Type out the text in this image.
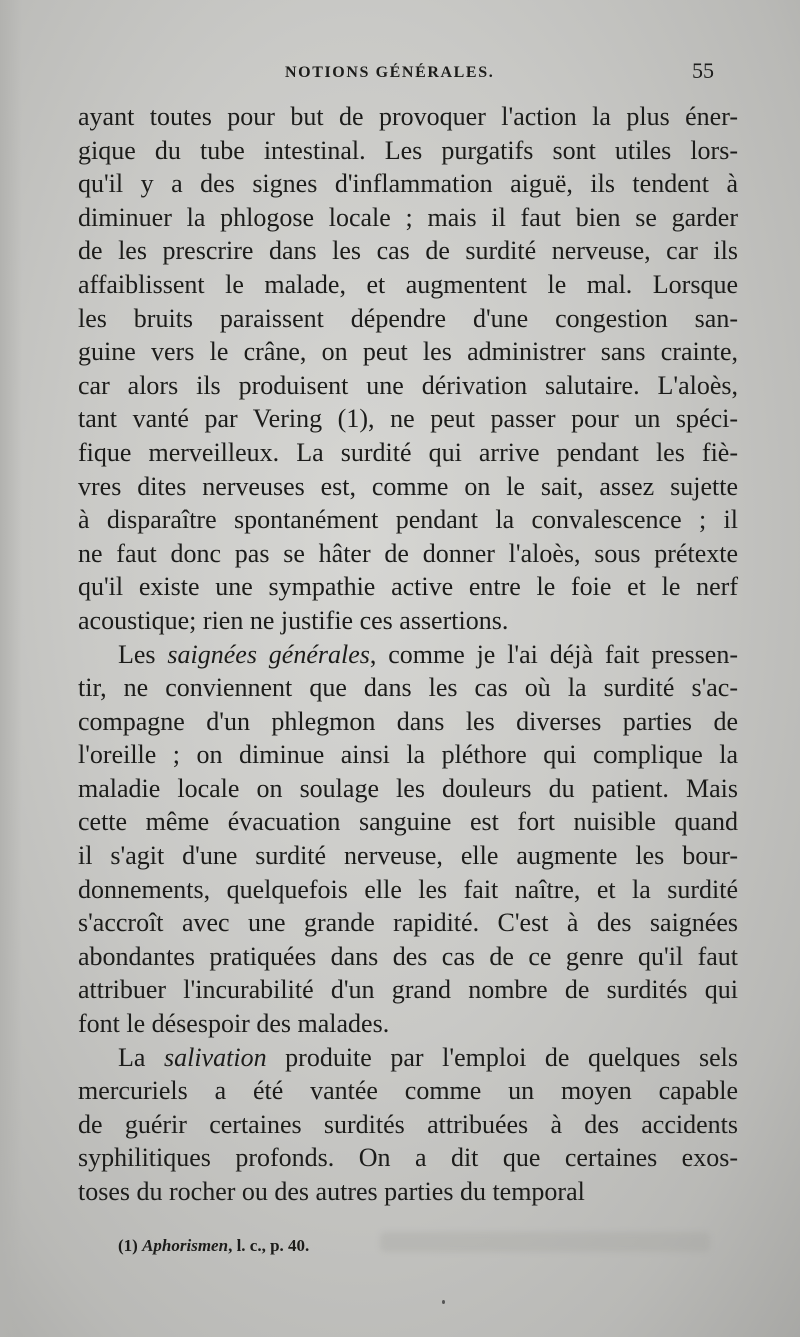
NOTIONS GÉNÉRALES.	55
ayant toutes pour but de provoquer l'action la plus éner-
gique du tube intestinal. Les purgatifs sont utiles lors-
qu'il y a des signes d'inflammation aiguë, ils tendent à
diminuer la phlogose locale ; mais il faut bien se garder
de les prescrire dans les cas de surdité nerveuse, car ils
affaiblissent le malade, et augmentent le mal. Lorsque
les bruits paraissent dépendre d'une congestion san-
guine vers le crâne, on peut les administrer sans crainte,
car alors ils produisent une dérivation salutaire. L'aloès,
tant vanté par Vering (1), ne peut passer pour un spéci-
fique merveilleux. La surdité qui arrive pendant les fiè-
vres dites nerveuses est, comme on le sait, assez sujette
à disparaître spontanément pendant la convalescence ; il
ne faut donc pas se hâter de donner l'aloès, sous prétexte
qu'il existe une sympathie active entre le foie et le nerf
acoustique; rien ne justifie ces assertions.
Les saignées générales, comme je l'ai déjà fait pressen-
tir, ne conviennent que dans les cas où la surdité s'ac-
compagne d'un phlegmon dans les diverses parties de
l'oreille ; on diminue ainsi la pléthore qui complique la
maladie locale on soulage les douleurs du patient. Mais
cette même évacuation sanguine est fort nuisible quand
il s'agit d'une surdité nerveuse, elle augmente les bour-
donnements, quelquefois elle les fait naître, et la surdité
s'accroît avec une grande rapidité. C'est à des saignées
abondantes pratiquées dans des cas de ce genre qu'il faut
attribuer l'incurabilité d'un grand nombre de surdités qui
font le désespoir des malades.
La salivation produite par l'emploi de quelques sels
mercuriels a été vantée comme un moyen capable
de guérir certaines surdités attribuées à des accidents
syphilitiques profonds. On a dit que certaines exos-
toses du rocher ou des autres parties du temporal
(1) Aphorismen, l. c., p. 40.
